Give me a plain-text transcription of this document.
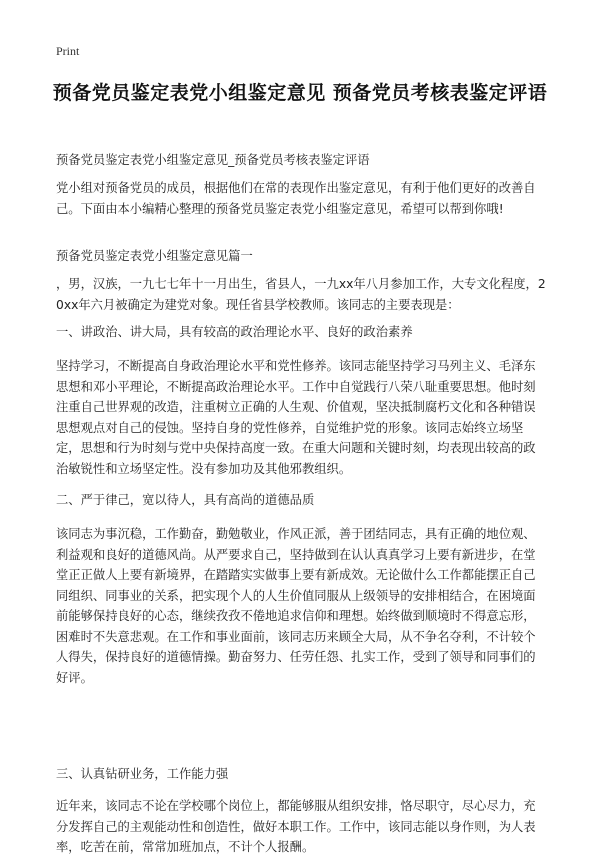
Print
预备党员鉴定表党小组鉴定意见 预备党员考核表鉴定评语
预备党员鉴定表党小组鉴定意见_预备党员考核表鉴定评语
党小组对预备党员的成员，根据他们在常的表现作出鉴定意见，有利于他们更好的改善自己。下面由本小编精心整理的预备党员鉴定表党小组鉴定意见，希望可以帮到你哦!
预备党员鉴定表党小组鉴定意见篇一
，男，汉族，一九七七年十一月出生，省县人，一九xx年八月参加工作，大专文化程度，20xx年六月被确定为建党对象。现任省县学校教师。该同志的主要表现是：
一、讲政治、讲大局，具有较高的政治理论水平、良好的政治素养
坚持学习，不断提高自身政治理论水平和党性修养。该同志能坚持学习马列主义、毛泽东思想和邓小平理论，不断提高政治理论水平。工作中自觉践行八荣八耻重要思想。他时刻注重自己世界观的改造，注重树立正确的人生观、价值观，坚决抵制腐朽文化和各种错误思想观点对自己的侵蚀。坚持自身的党性修养，自觉维护党的形象。该同志始终立场坚定，思想和行为时刻与党中央保持高度一致。在重大问题和关键时刻，均表现出较高的政治敏锐性和立场坚定性。没有参加功及其他邪教组织。
二、严于律己，宽以待人，具有高尚的道德品质
该同志为事沉稳，工作勤奋，勤勉敬业，作风正派，善于团结同志，具有正确的地位观、利益观和良好的道德风尚。从严要求自己，坚持做到在认认真真学习上要有新进步，在堂堂正正做人上要有新境界，在踏踏实实做事上要有新成效。无论做什么工作都能摆正自己同组织、同事业的关系，把实现个人的人生价值同服从上级领导的安排相结合，在困境面前能够保持良好的心态，继续孜孜不倦地追求信仰和理想。始终做到顺境时不得意忘形，困难时不失意悲观。在工作和事业面前，该同志历来顾全大局，从不争名夺利，不计较个人得失，保持良好的道德情操。勤奋努力、任劳任怨、扎实工作，受到了领导和同事们的好评。
三、认真钻研业务，工作能力强
近年来，该同志不论在学校哪个岗位上，都能够服从组织安排，恪尽职守，尽心尽力，充分发挥自己的主观能动性和创造性，做好本职工作。工作中，该同志能以身作则，为人表率，吃苦在前，常常加班加点，不计个人报酬。
